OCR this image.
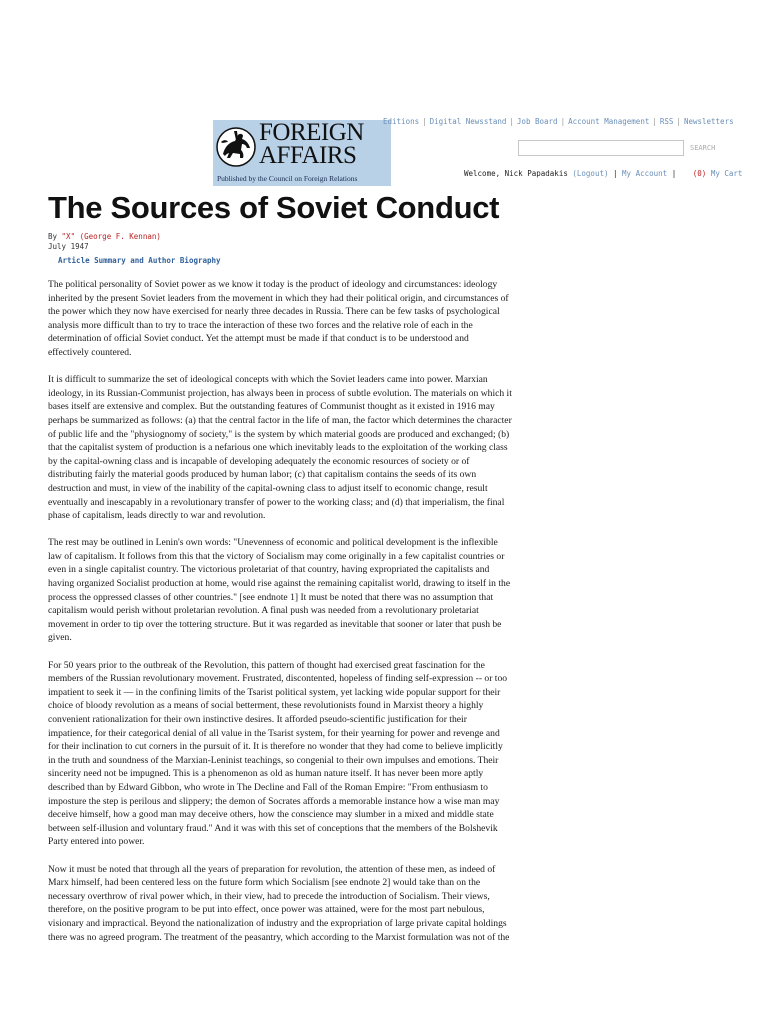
FOREIGN
AFFAIRS
Published by the Council on Foreign Relations
Editions | Digital Newsstand | Job Board | Account Management | RSS | Newsletters
SEARCH
Welcome, Nick Papadakis (Logout) | My Account | (0) My Cart
The Sources of Soviet Conduct
By "X" (George F. Kennan)
July 1947
Article Summary and Author Biography

The political personality of Soviet power as we know it today is the product of ideology and circumstances: ideology inherited by the present Soviet leaders from the movement in which they had their political origin, and circumstances of the power which they now have exercised for nearly three decades in Russia. There can be few tasks of psychological analysis more difficult than to try to trace the interaction of these two forces and the relative role of each in the determination of official Soviet conduct. Yet the attempt must be made if that conduct is to be understood and effectively countered.

It is difficult to summarize the set of ideological concepts with which the Soviet leaders came into power. Marxian ideology, in its Russian-Communist projection, has always been in process of subtle evolution. The materials on which it bases itself are extensive and complex. But the outstanding features of Communist thought as it existed in 1916 may perhaps be summarized as follows: (a) that the central factor in the life of man, the factor which determines the character of public life and the "physiognomy of society," is the system by which material goods are produced and exchanged; (b) that the capitalist system of production is a nefarious one which inevitably leads to the exploitation of the working class by the capital-owning class and is incapable of developing adequately the economic resources of society or of distributing fairly the material goods produced by human labor; (c) that capitalism contains the seeds of its own destruction and must, in view of the inability of the capital-owning class to adjust itself to economic change, result eventually and inescapably in a revolutionary transfer of power to the working class; and (d) that imperialism, the final phase of capitalism, leads directly to war and revolution.

The rest may be outlined in Lenin's own words: "Unevenness of economic and political development is the inflexible law of capitalism. It follows from this that the victory of Socialism may come originally in a few capitalist countries or even in a single capitalist country. The victorious proletariat of that country, having expropriated the capitalists and having organized Socialist production at home, would rise against the remaining capitalist world, drawing to itself in the process the oppressed classes of other countries." [see endnote 1] It must be noted that there was no assumption that capitalism would perish without proletarian revolution. A final push was needed from a revolutionary proletariat movement in order to tip over the tottering structure. But it was regarded as inevitable that sooner or later that push be given.

For 50 years prior to the outbreak of the Revolution, this pattern of thought had exercised great fascination for the members of the Russian revolutionary movement. Frustrated, discontented, hopeless of finding self-expression -- or too impatient to seek it — in the confining limits of the Tsarist political system, yet lacking wide popular support for their choice of bloody revolution as a means of social betterment, these revolutionists found in Marxist theory a highly convenient rationalization for their own instinctive desires. It afforded pseudo-scientific justification for their impatience, for their categorical denial of all value in the Tsarist system, for their yearning for power and revenge and for their inclination to cut corners in the pursuit of it. It is therefore no wonder that they had come to believe implicitly in the truth and soundness of the Marxian-Leninist teachings, so congenial to their own impulses and emotions. Their sincerity need not be impugned. This is a phenomenon as old as human nature itself. It has never been more aptly described than by Edward Gibbon, who wrote in The Decline and Fall of the Roman Empire: "From enthusiasm to imposture the step is perilous and slippery; the demon of Socrates affords a memorable instance how a wise man may deceive himself, how a good man may deceive others, how the conscience may slumber in a mixed and middle state between self-illusion and voluntary fraud." And it was with this set of conceptions that the members of the Bolshevik Party entered into power.

Now it must be noted that through all the years of preparation for revolution, the attention of these men, as indeed of Marx himself, had been centered less on the future form which Socialism [see endnote 2] would take than on the necessary overthrow of rival power which, in their view, had to precede the introduction of Socialism. Their views, therefore, on the positive program to be put into effect, once power was attained, were for the most part nebulous, visionary and impractical. Beyond the nationalization of industry and the expropriation of large private capital holdings there was no agreed program. The treatment of the peasantry, which according to the Marxist formulation was not of the
